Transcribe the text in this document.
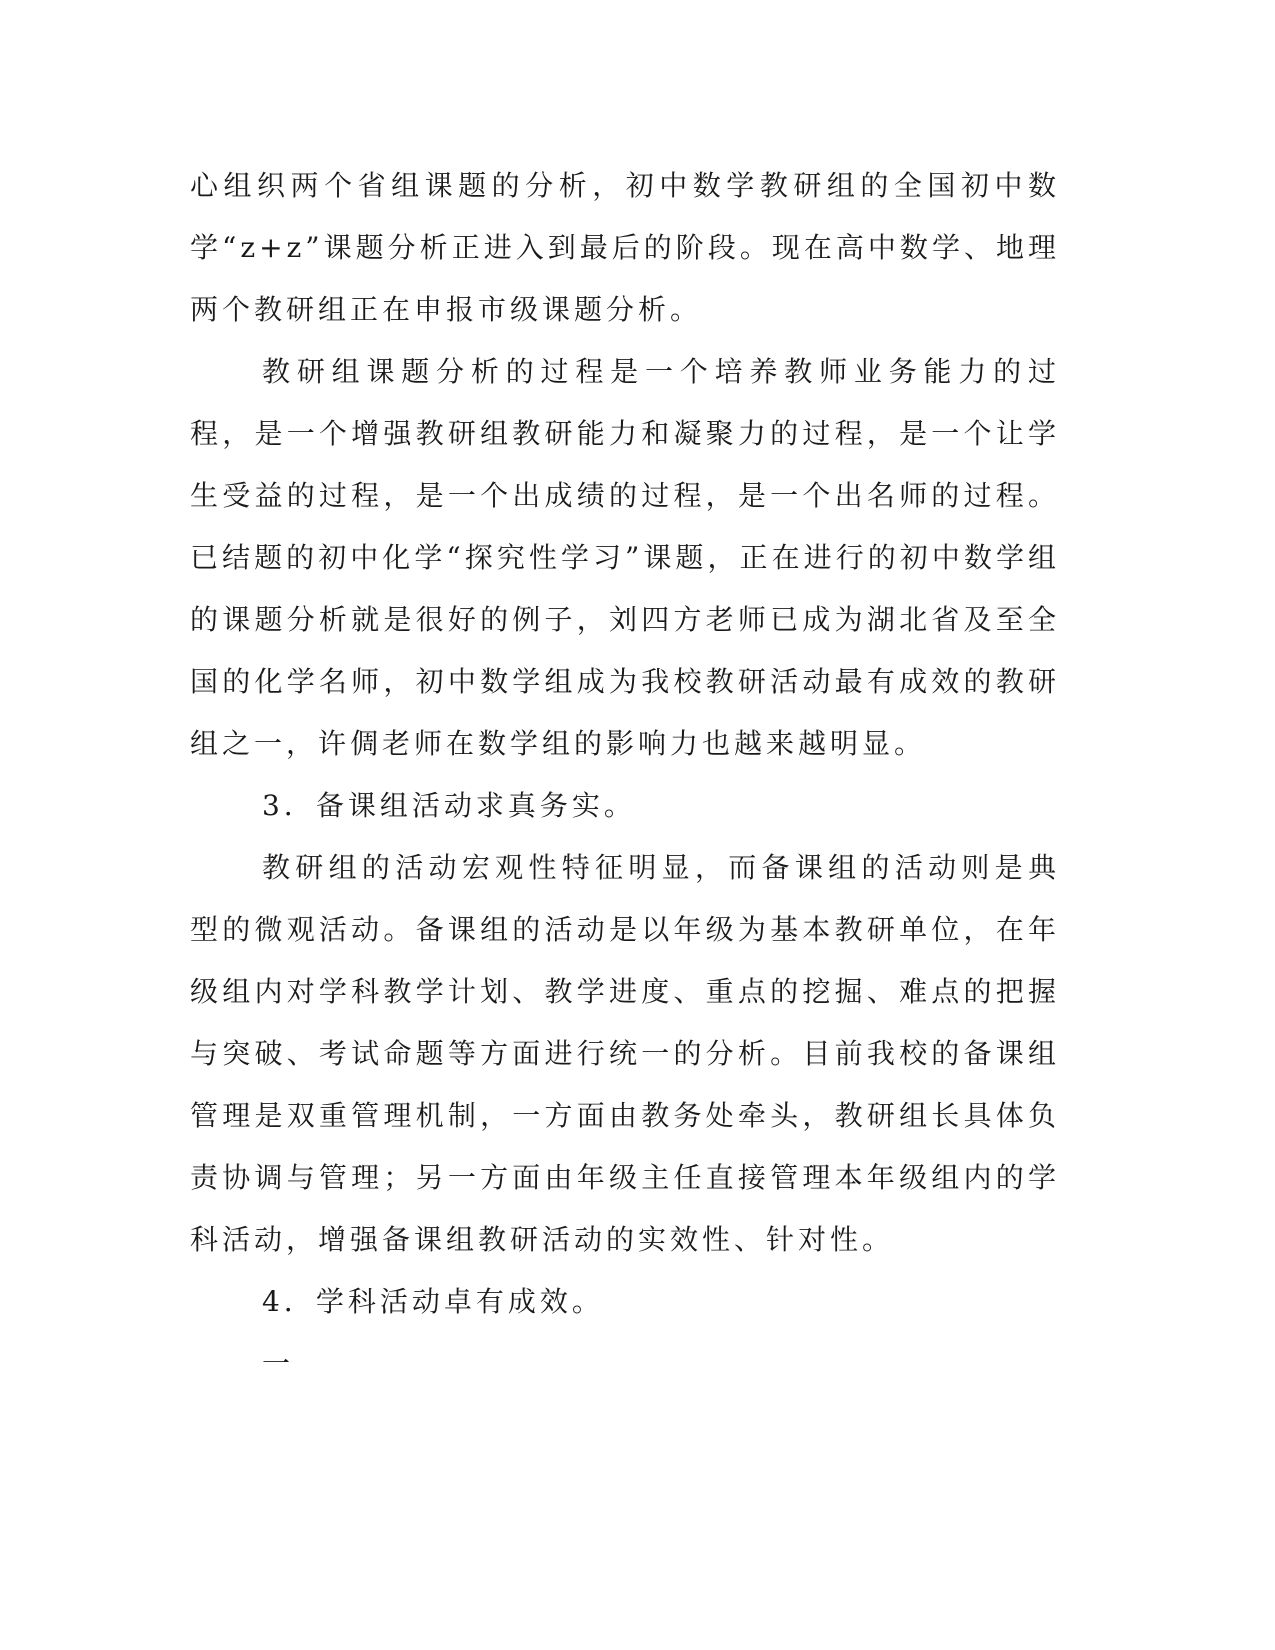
心组织两个省组课题的分析，初中数学教研组的全国初中数学“z+z”课题分析正进入到最后的阶段。现在高中数学、地理两个教研组正在申报市级课题分析。

教研组课题分析的过程是一个培养教师业务能力的过程，是一个增强教研组教研能力和凝聚力的过程，是一个让学生受益的过程，是一个出成绩的过程，是一个出名师的过程。已结题的初中化学“探究性学习”课题，正在进行的初中数学组的课题分析就是很好的例子，刘四方老师已成为湖北省及至全国的化学名师，初中数学组成为我校教研活动最有成效的教研组之一，许倜老师在数学组的影响力也越来越明显。

3．备课组活动求真务实。

教研组的活动宏观性特征明显，而备课组的活动则是典型的微观活动。备课组的活动是以年级为基本教研单位，在年级组内对学科教学计划、教学进度、重点的挖掘、难点的把握与突破、考试命题等方面进行统一的分析。目前我校的备课组管理是双重管理机制，一方面由教务处牵头，教研组长具体负责协调与管理；另一方面由年级主任直接管理本年级组内的学科活动，增强备课组教研活动的实效性、针对性。

4．学科活动卓有成效。

一
